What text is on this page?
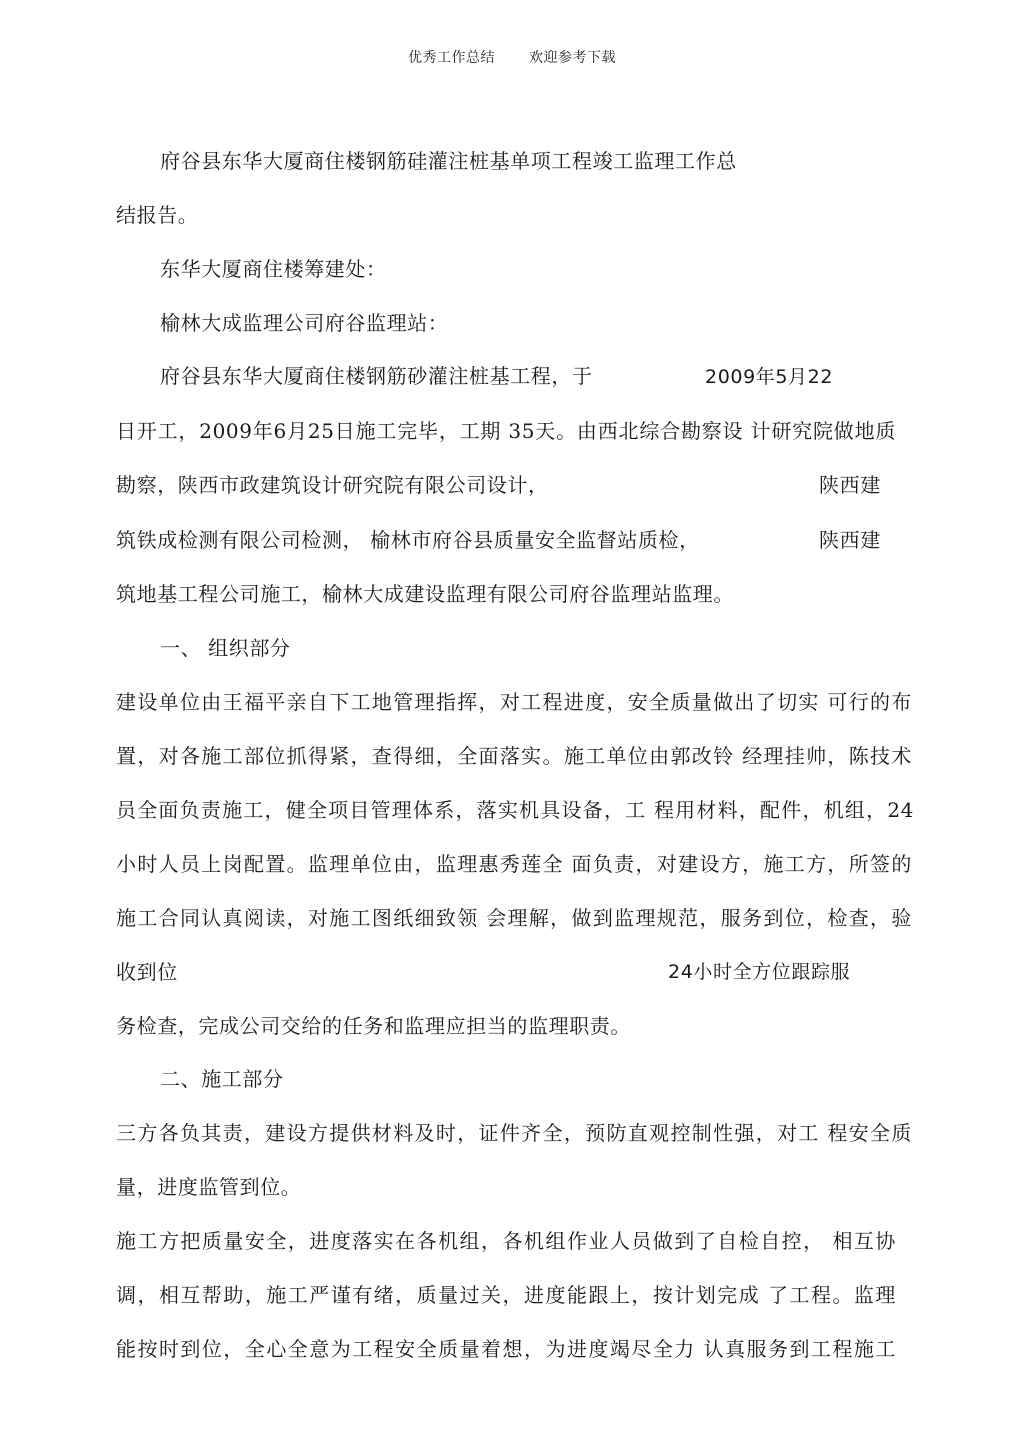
优秀工作总结 欢迎参考下载
府谷县东华大厦商住楼钢筋硅灌注桩基单项工程竣工监理工作总
结报告。
东华大厦商住楼筹建处：
榆林大成监理公司府谷监理站：
府谷县东华大厦商住楼钢筋砂灌注桩基工程，于	2009年5月22
日开工，2009年6月25日施工完毕，工期 35天。由西北综合勘察设 计研究院做地质
勘察，陕西市政建筑设计研究院有限公司设计，	陕西建
筑铁成检测有限公司检测， 榆林市府谷县质量安全监督站质检，	陕西建
筑地基工程公司施工，榆林大成建设监理有限公司府谷监理站监理。
一、 组织部分
建设单位由王福平亲自下工地管理指挥，对工程进度，安全质量做出了切实 可行的布
置，对各施工部位抓得紧，查得细，全面落实。施工单位由郭改铃 经理挂帅，陈技术
员全面负责施工，健全项目管理体系，落实机具设备，工 程用材料，配件，机组，24
小时人员上岗配置。监理单位由，监理惠秀莲全 面负责，对建设方，施工方，所签的
施工合同认真阅读，对施工图纸细致领 会理解，做到监理规范，服务到位，检查，验
收到位	24小时全方位跟踪服
务检查，完成公司交给的任务和监理应担当的监理职责。
二、施工部分
三方各负其责，建设方提供材料及时，证件齐全，预防直观控制性强，对工 程安全质
量，进度监管到位。
施工方把质量安全，进度落实在各机组，各机组作业人员做到了自检自控， 相互协
调，相互帮助，施工严谨有绪，质量过关，进度能跟上，按计划完成 了工程。监理
能按时到位，全心全意为工程安全质量着想，为进度竭尽全力 认真服务到工程施工
